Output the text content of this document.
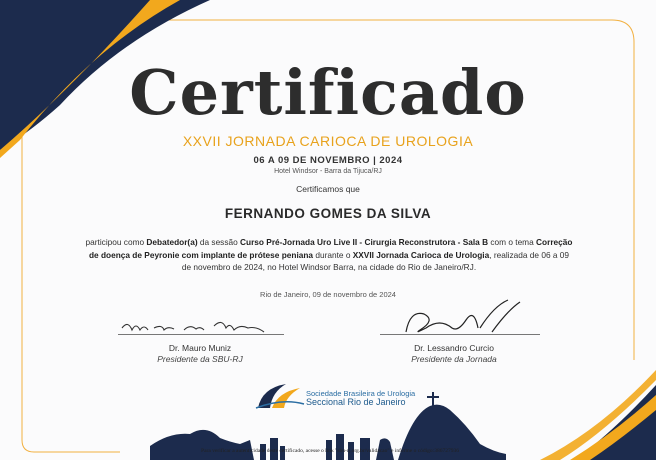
Certificado
XXVII JORNADA CARIOCA DE UROLOGIA
06 A 09 DE NOVEMBRO | 2024
Hotel Windsor - Barra da Tijuca/RJ
Certificamos que
FERNANDO GOMES DA SILVA
participou como Debatedor(a) da sessão Curso Pré-Jornada Uro Live II - Cirurgia Reconstrutora - Sala B com o tema Correção de doença de Peyronie com implante de prótese peniana durante o XXVII Jornada Carioca de Urologia, realizada de 06 a 09 de novembro de 2024, no Hotel Windsor Barra, na cidade do Rio de Janeiro/RJ.
Rio de Janeiro, 09 de novembro de 2024
Dr. Mauro Muniz
Presidente da SBU-RJ
Dr. Lessandro Curcio
Presidente da Jornada
Sociedade Brasileira de Urologia
Seccional Rio de Janeiro
Para verificar a autenticidade deste certificado, acesse o link "sbu-rj.org.br/validacao" e informe o código:386727936
